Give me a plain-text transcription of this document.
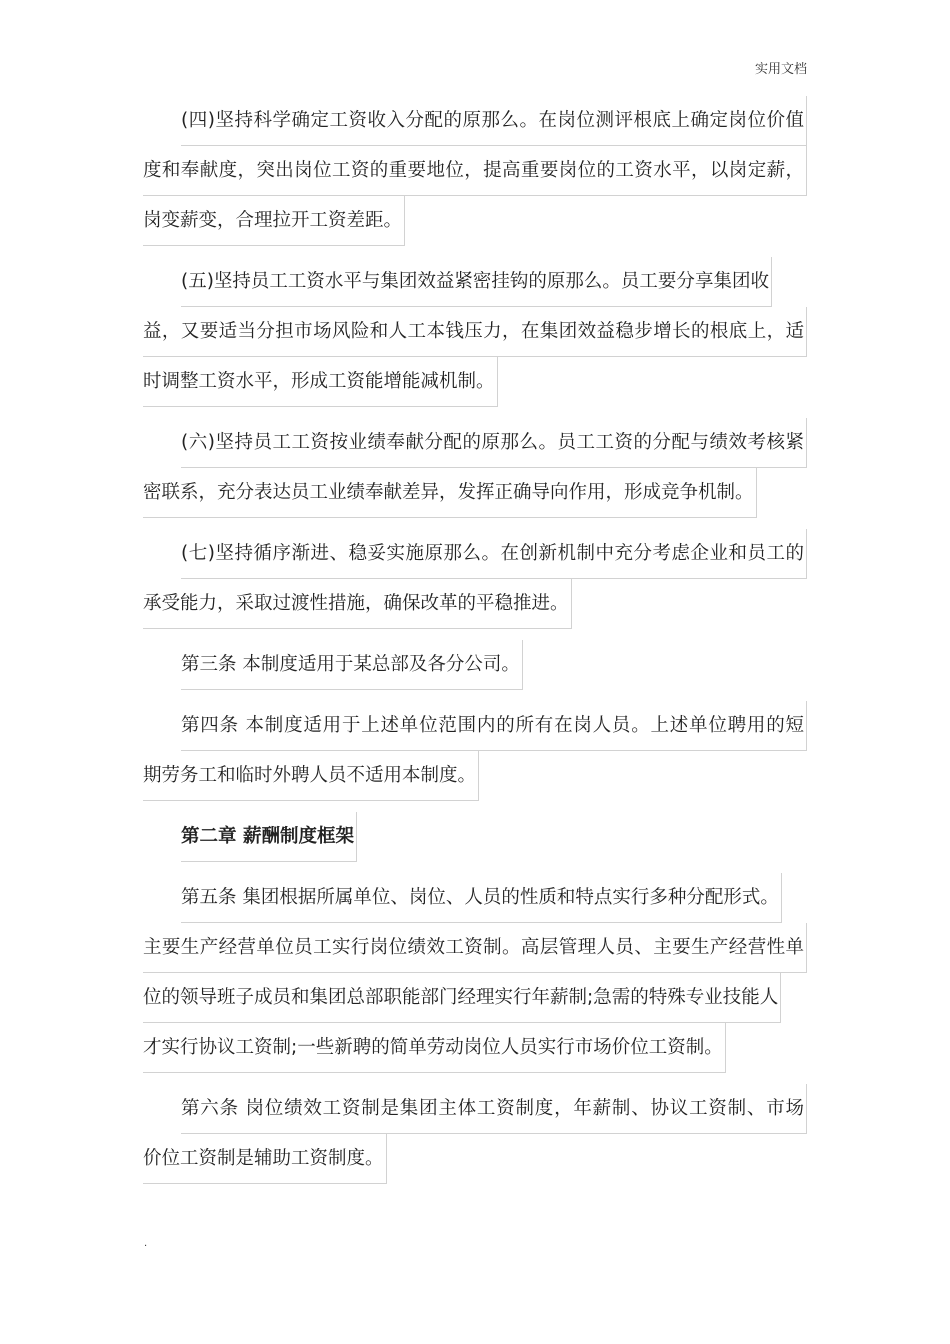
实用文档
(四)坚持科学确定工资收入分配的原那么。在岗位测评根底上确定岗位价值
度和奉献度，突出岗位工资的重要地位，提高重要岗位的工资水平，以岗定薪，
岗变薪变，合理拉开工资差距。
(五)坚持员工工资水平与集团效益紧密挂钩的原那么。员工要分享集团收
益，又要适当分担市场风险和人工本钱压力，在集团效益稳步增长的根底上，适
时调整工资水平，形成工资能增能减机制。
(六)坚持员工工资按业绩奉献分配的原那么。员工工资的分配与绩效考核紧
密联系，充分表达员工业绩奉献差异，发挥正确导向作用，形成竞争机制。
(七)坚持循序渐进、稳妥实施原那么。在创新机制中充分考虑企业和员工的
承受能力，采取过渡性措施，确保改革的平稳推进。
第三条 本制度适用于某总部及各分公司。
第四条 本制度适用于上述单位范围内的所有在岗人员。上述单位聘用的短
期劳务工和临时外聘人员不适用本制度。
第二章 薪酬制度框架
第五条 集团根据所属单位、岗位、人员的性质和特点实行多种分配形式。
主要生产经营单位员工实行岗位绩效工资制。高层管理人员、主要生产经营性单
位的领导班子成员和集团总部职能部门经理实行年薪制;急需的特殊专业技能人
才实行协议工资制;一些新聘的简单劳动岗位人员实行市场价位工资制。
第六条 岗位绩效工资制是集团主体工资制度，年薪制、协议工资制、市场
价位工资制是辅助工资制度。
.
